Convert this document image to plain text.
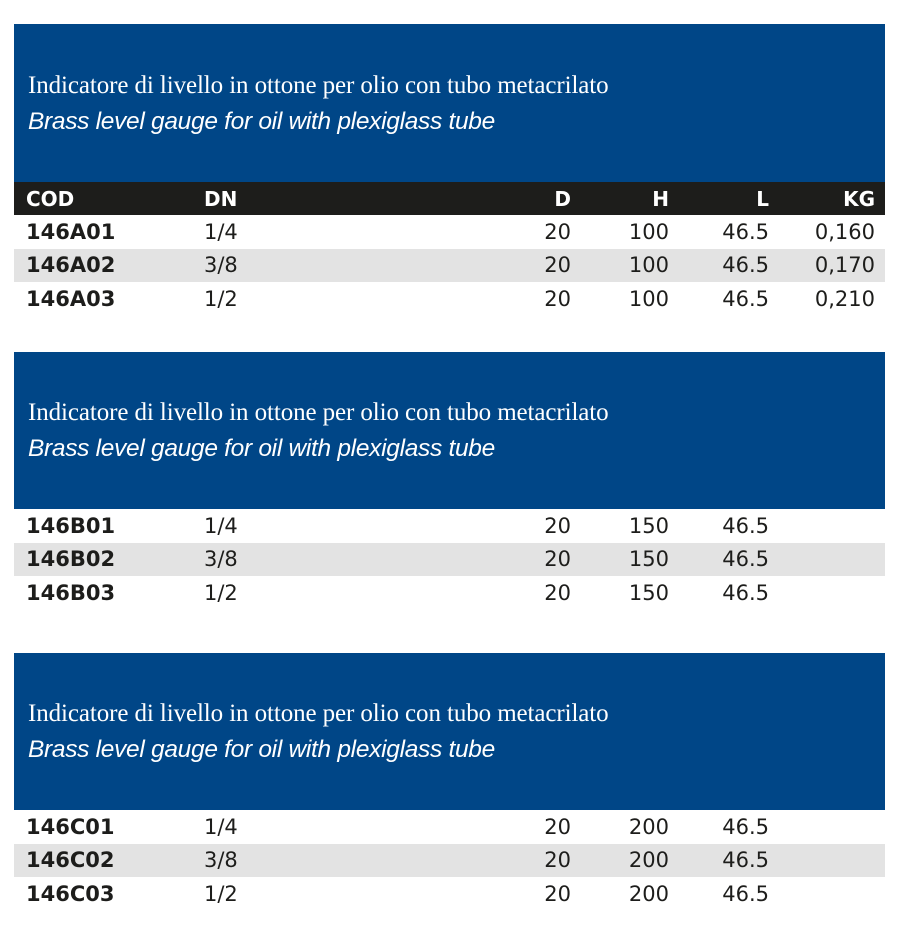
Indicatore di livello in ottone per olio con tubo metacrilato
Brass level gauge for oil with plexiglass tube
COD	DN	D	H	L	KG
146A01	1/4	20	100	46.5 0,160
146A02	3/8	20	100	46.5 0,170
146A03	1/2	20	100	46.5 0,210
Indicatore di livello in ottone per olio con tubo metacrilato
Brass level gauge for oil with plexiglass tube
146B01	1/4	20	150	46.5
146B02	3/8	20	150	46.5
146B03	1/2	20	150	46.5
Indicatore di livello in ottone per olio con tubo metacrilato
Brass level gauge for oil with plexiglass tube
146C01	1/4	20	200	46.5
146C02	3/8	20	200	46.5
146C03	1/2	20	200	46.5
